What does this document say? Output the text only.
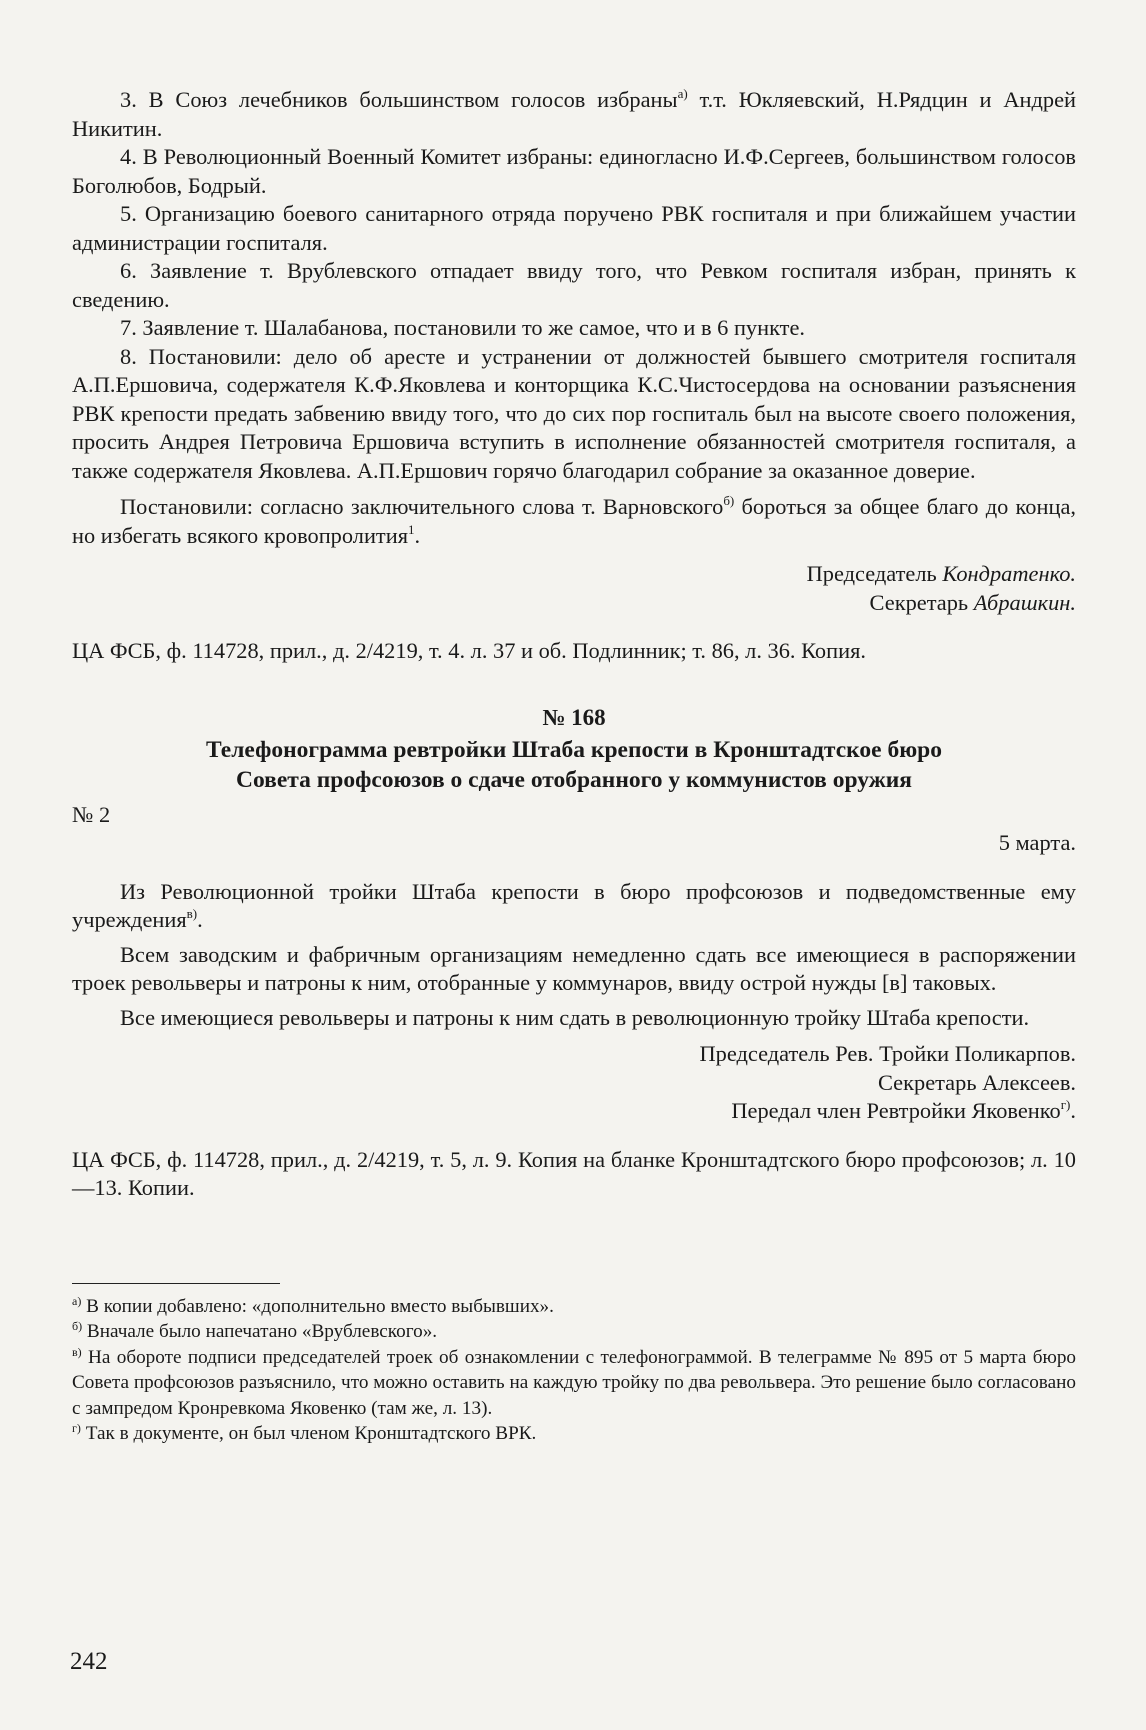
3. В Союз лечебников большинством голосов избраны$^{а)}$ т.т. Юкляевский, Н.Рядцин и Андрей Никитин.

4. В Революционный Военный Комитет избраны: единогласно И.Ф.Сергеев, большинством голосов Боголюбов, Бодрый.

5. Организацию боевого санитарного отряда поручено РВК госпиталя и при ближайшем участии администрации госпиталя.

6. Заявление т. Врублевского отпадает ввиду того, что Ревком госпиталя избран, принять к сведению.

7. Заявление т. Шалабанова, постановили то же самое, что и в 6 пункте.

8. Постановили: дело об аресте и устранении от должностей бывшего смотрителя госпиталя А.П.Ершовича, содержателя К.Ф.Яковлева и конторщика К.С.Чистосердова на основании разъяснения РВК крепости предать забвению ввиду того, что до сих пор госпиталь был на высоте своего положения, просить Андрея Петровича Ершовича вступить в исполнение обязанностей смотрителя госпиталя, а также содержателя Яковлева. А.П.Ершович горячо благодарил собрание за оказанное доверие.

Постановили: согласно заключительного слова т. Варновского$^{б)}$ бороться за общее благо до конца, но избегать всякого кровопролития$^1$.

Председатель Кондратенко.

Секретарь Абрашкин.

ЦА ФСБ, ф. 114728, прил., д. 2/4219, т. 4. л. 37 и об. Подлинник; т. 86, л. 36. Копия.

№ 168

Телефонограмма ревтройки Штаба крепости в Кронштадтское бюро

Совета профсоюзов о сдаче отобранного у коммунистов оружия

№ 2
5 марта.

Из Революционной тройки Штаба крепости в бюро профсоюзов и подведомственные ему учреждения$^{в)}$.

Всем заводским и фабричным организациям немедленно сдать все имеющиеся в распоряжении троек револьверы и патроны к ним, отобранные у коммунаров, ввиду острой нужды [в] таковых.

Все имеющиеся револьверы и патроны к ним сдать в революционную тройку Штаба крепости.

Председатель Рев. Тройки Поликарпов.

Секретарь Алексеев.

Передал член Ревтройки Яковенко$^{г)}$.

ЦА ФСБ, ф. 114728, прил., д. 2/4219, т. 5, л. 9. Копия на бланке Кронштадтского бюро профсоюзов; л. 10—13. Копии.

$^{а)}$ В копии добавлено: «дополнительно вместо выбывших».

$^{б)}$ Вначале было напечатано «Врублевского».

$^{в)}$ На обороте подписи председателей троек об ознакомлении с телефонограммой. В телеграмме № 895 от 5 марта бюро Совета профсоюзов разъяснило, что можно оставить на каждую тройку по два револьвера. Это решение было согласовано с зампредом Кронревкома Яковенко (там же, л. 13).

$^{г)}$ Так в документе, он был членом Кронштадтского ВРК.

242
